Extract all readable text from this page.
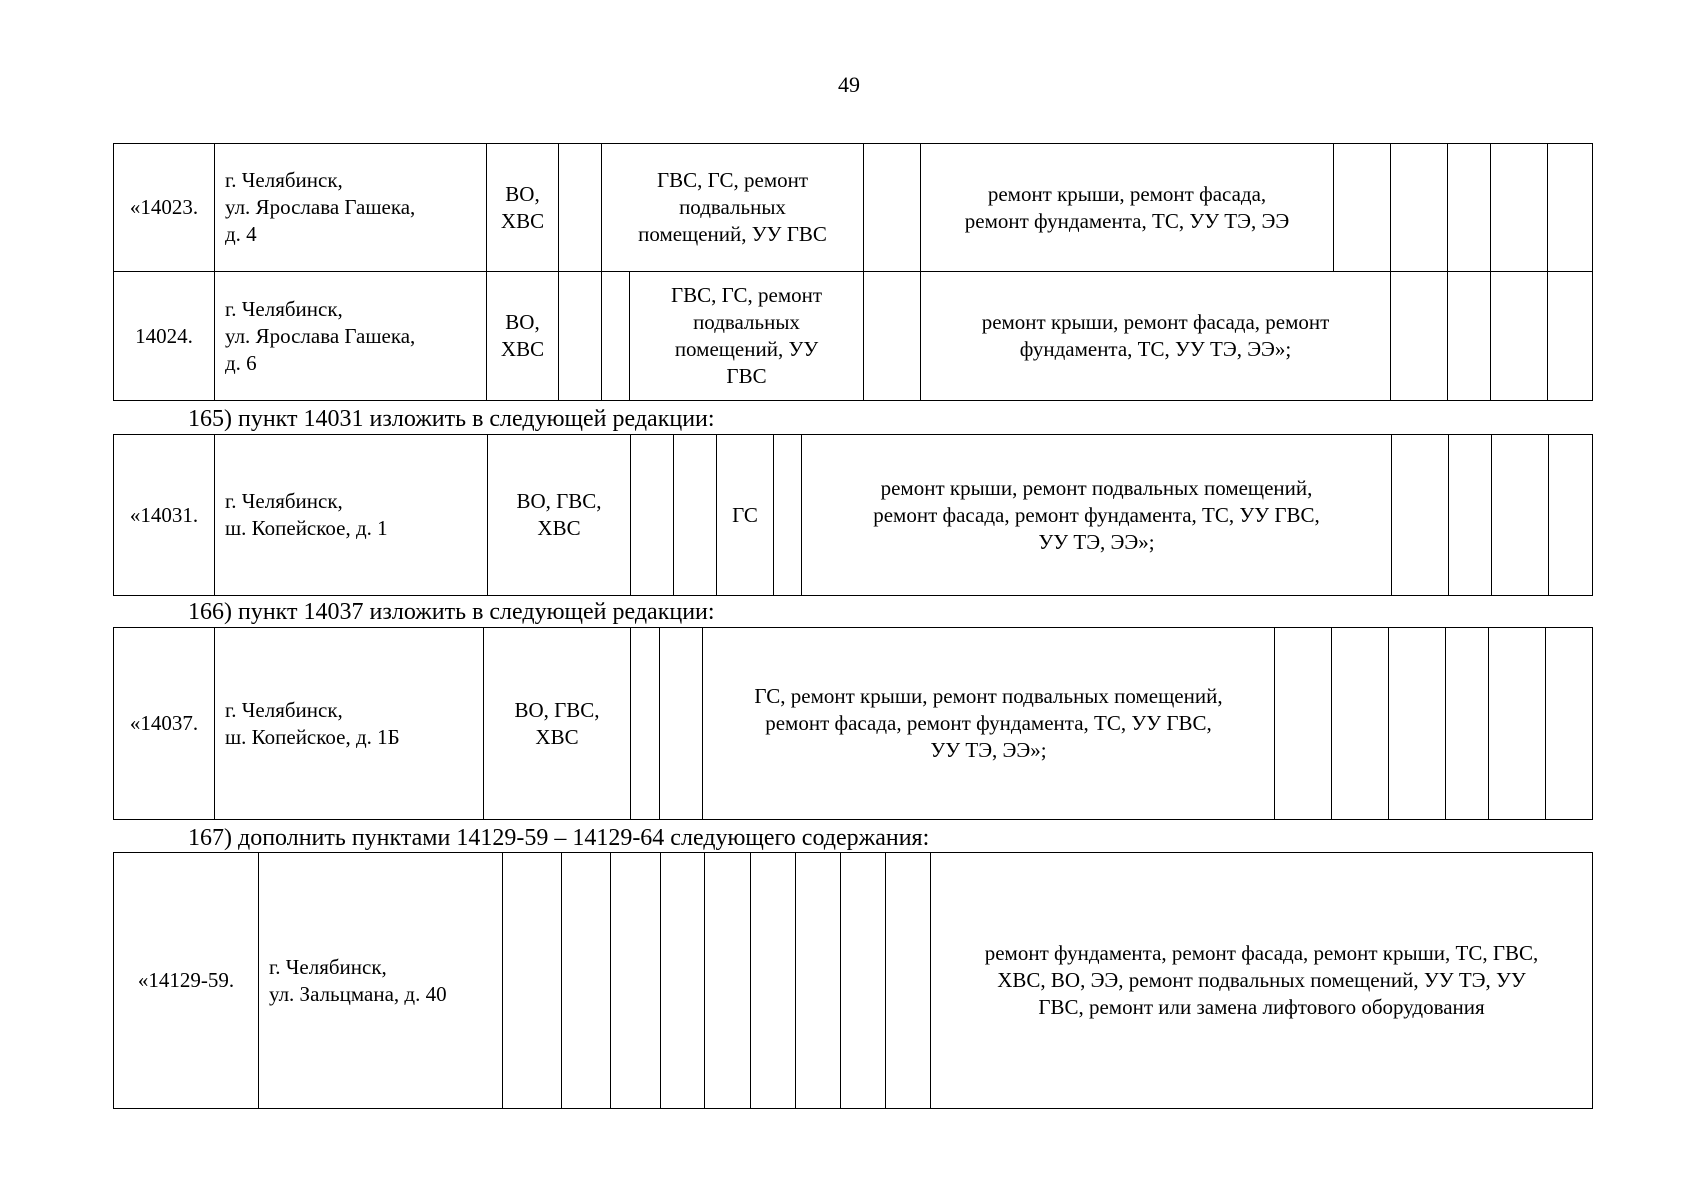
49
«14023.	г. Челябинск,
ул. Ярослава Гашека,
д. 4	ВО,
ХВС		ГВС, ГС, ремонт
подвальных
помещений, УУ ГВС			ремонт крыши, ремонт фасада,
ремонт фундамента, ТС, УУ ТЭ, ЭЭ					
14024.	г. Челябинск,
ул. Ярослава Гашека,
д. 6	ВО,
ХВС			ГВС, ГС, ремонт
подвальных
помещений, УУ
ГВС		ремонт крыши, ремонт фасада, ремонт
фундамента, ТС, УУ ТЭ, ЭЭ»;					
165) пункт 14031 изложить в следующей редакции:
«14031.	г. Челябинск,
ш. Копейское, д. 1	ВО, ГВС,
ХВС			ГС		ремонт крыши, ремонт подвальных помещений,
ремонт фасада, ремонт фундамента, ТС, УУ ГВС,
УУ ТЭ, ЭЭ»;				
166) пункт 14037 изложить в следующей редакции:
«14037.	г. Челябинск,
ш. Копейское, д. 1Б	ВО, ГВС,
ХВС			ГС, ремонт крыши, ремонт подвальных помещений,
ремонт фасада, ремонт фундамента, ТС, УУ ГВС,
УУ ТЭ, ЭЭ»;						
167) дополнить пунктами 14129-59 – 14129-64 следующего содержания:
«14129-59.	г. Челябинск,
ул. Зальцмана, д. 40										ремонт фундамента, ремонт фасада, ремонт крыши, ТС, ГВС,
ХВС, ВО, ЭЭ, ремонт подвальных помещений, УУ ТЭ, УУ
ГВС, ремонт или замена лифтового оборудования
